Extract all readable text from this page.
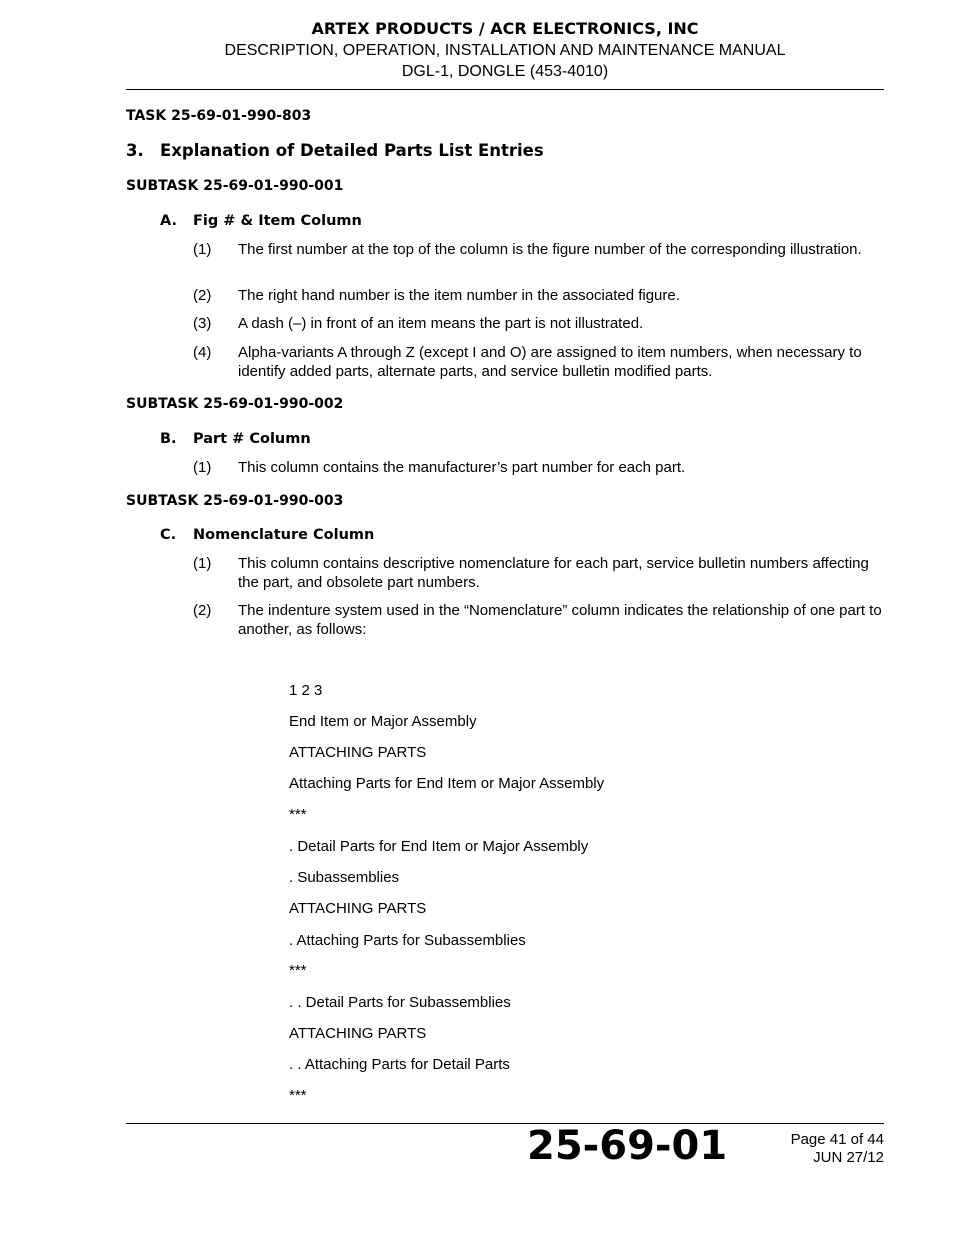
ARTEX PRODUCTS / ACR ELECTRONICS, INC
DESCRIPTION, OPERATION, INSTALLATION AND MAINTENANCE MANUAL
DGL-1, DONGLE (453-4010)
TASK 25-69-01-990-803
3. Explanation of Detailed Parts List Entries
SUBTASK 25-69-01-990-001
A. Fig # & Item Column
(1) The first number at the top of the column is the figure number of the corresponding illustration.
(2) The right hand number is the item number in the associated figure.
(3) A dash (–) in front of an item means the part is not illustrated.
(4) Alpha-variants A through Z (except I and O) are assigned to item numbers, when necessary to identify added parts, alternate parts, and service bulletin modified parts.
SUBTASK 25-69-01-990-002
B. Part # Column
(1) This column contains the manufacturer’s part number for each part.
SUBTASK 25-69-01-990-003
C. Nomenclature Column
(1) This column contains descriptive nomenclature for each part, service bulletin numbers affecting the part, and obsolete part numbers.
(2) The indenture system used in the “Nomenclature” column indicates the relationship of one part to another, as follows:
1 2 3
End Item or Major Assembly
ATTACHING PARTS
Attaching Parts for End Item or Major Assembly
***
. Detail Parts for End Item or Major Assembly
. Subassemblies
ATTACHING PARTS
. Attaching Parts for Subassemblies
***
. . Detail Parts for Subassemblies
ATTACHING PARTS
. . Attaching Parts for Detail Parts
***
25-69-01	Page 41 of 44
JUN 27/12
